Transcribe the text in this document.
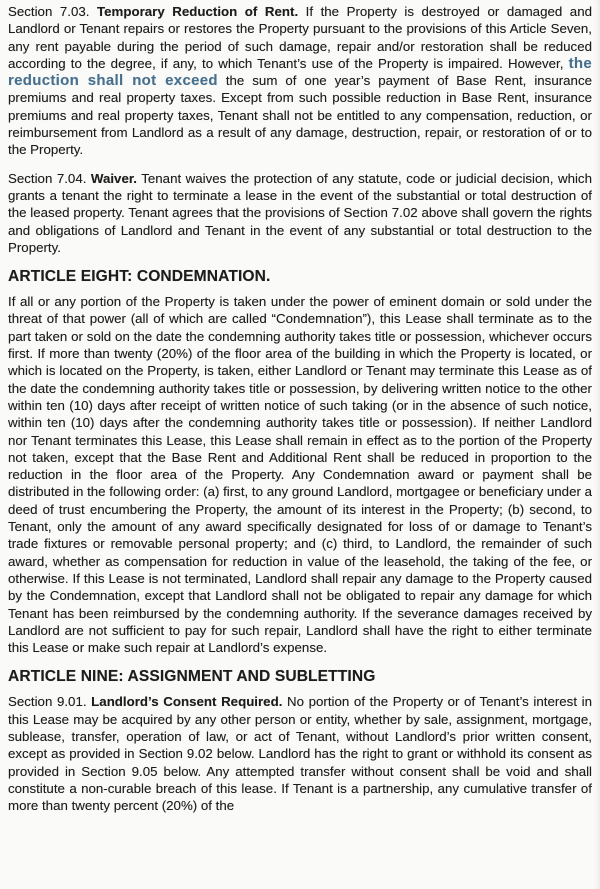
Section 7.03. Temporary Reduction of Rent. If the Property is destroyed or damaged and Landlord or Tenant repairs or restores the Property pursuant to the provisions of this Article Seven, any rent payable during the period of such damage, repair and/or restoration shall be reduced according to the degree, if any, to which Tenant’s use of the Property is impaired. However, the reduction shall not exceed the sum of one year’s payment of Base Rent, insurance premiums and real property taxes. Except from such possible reduction in Base Rent, insurance premiums and real property taxes, Tenant shall not be entitled to any compensation, reduction, or reimbursement from Landlord as a result of any damage, destruction, repair, or restoration of or to the Property.

Section 7.04. Waiver. Tenant waives the protection of any statute, code or judicial decision, which grants a tenant the right to terminate a lease in the event of the substantial or total destruction of the leased property. Tenant agrees that the provisions of Section 7.02 above shall govern the rights and obligations of Landlord and Tenant in the event of any substantial or total destruction to the Property.

ARTICLE EIGHT: CONDEMNATION.

If all or any portion of the Property is taken under the power of eminent domain or sold under the threat of that power (all of which are called “Condemnation”), this Lease shall terminate as to the part taken or sold on the date the condemning authority takes title or possession, whichever occurs first. If more than twenty (20%) of the floor area of the building in which the Property is located, or which is located on the Property, is taken, either Landlord or Tenant may terminate this Lease as of the date the condemning authority takes title or possession, by delivering written notice to the other within ten (10) days after receipt of written notice of such taking (or in the absence of such notice, within ten (10) days after the condemning authority takes title or possession). If neither Landlord nor Tenant terminates this Lease, this Lease shall remain in effect as to the portion of the Property not taken, except that the Base Rent and Additional Rent shall be reduced in proportion to the reduction in the floor area of the Property. Any Condemnation award or payment shall be distributed in the following order: (a) first, to any ground Landlord, mortgagee or beneficiary under a deed of trust encumbering the Property, the amount of its interest in the Property; (b) second, to Tenant, only the amount of any award specifically designated for loss of or damage to Tenant’s trade fixtures or removable personal property; and (c) third, to Landlord, the remainder of such award, whether as compensation for reduction in value of the leasehold, the taking of the fee, or otherwise. If this Lease is not terminated, Landlord shall repair any damage to the Property caused by the Condemnation, except that Landlord shall not be obligated to repair any damage for which Tenant has been reimbursed by the condemning authority. If the severance damages received by Landlord are not sufficient to pay for such repair, Landlord shall have the right to either terminate this Lease or make such repair at Landlord’s expense.

ARTICLE NINE: ASSIGNMENT AND SUBLETTING

Section 9.01. Landlord’s Consent Required. No portion of the Property or of Tenant’s interest in this Lease may be acquired by any other person or entity, whether by sale, assignment, mortgage, sublease, transfer, operation of law, or act of Tenant, without Landlord’s prior written consent, except as provided in Section 9.02 below. Landlord has the right to grant or withhold its consent as provided in Section 9.05 below. Any attempted transfer without consent shall be void and shall constitute a non-curable breach of this lease. If Tenant is a partnership, any cumulative transfer of more than twenty percent (20%) of the
